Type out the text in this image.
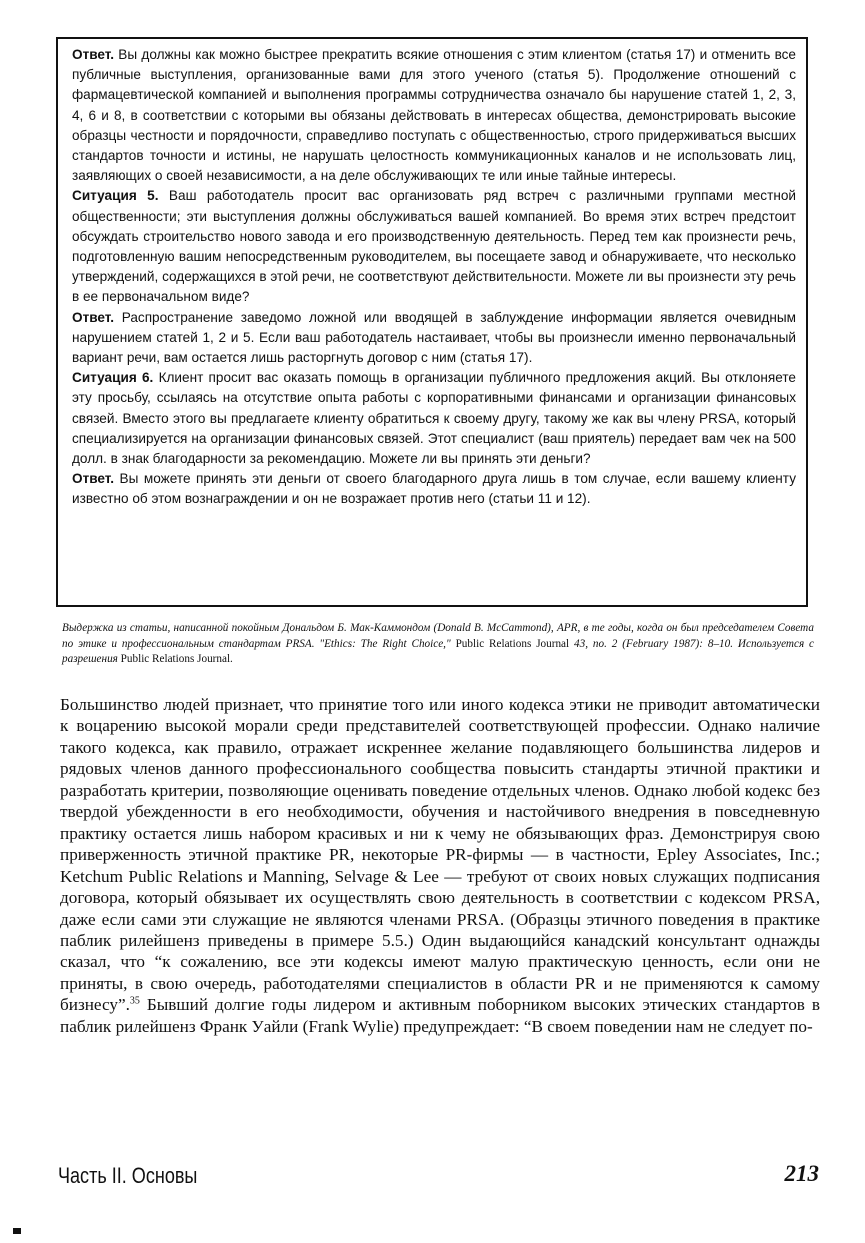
Ответ. Вы должны как можно быстрее прекратить всякие отношения с этим клиентом (статья 17) и отменить все публичные выступления, организованные вами для этого ученого (статья 5). Продолжение отношений с фармацевтической компанией и выполнения программы сотрудничества означало бы нарушение статей 1, 2, 3, 4, 6 и 8, в соответствии с которыми вы обязаны действовать в интересах общества, демонстрировать высокие образцы честности и порядочности, справедливо поступать с общественностью, строго придерживаться высших стандартов точности и истины, не нарушать целостность коммуникационных каналов и не использовать лиц, заявляющих о своей независимости, а на деле обслуживающих те или иные тайные интересы.

Ситуация 5. Ваш работодатель просит вас организовать ряд встреч с различными группами местной общественности; эти выступления должны обслуживаться вашей компанией. Во время этих встреч предстоит обсуждать строительство нового завода и его производственную деятельность. Перед тем как произнести речь, подготовленную вашим непосредственным руководителем, вы посещаете завод и обнаруживаете, что несколько утверждений, содержащихся в этой речи, не соответствуют действительности. Можете ли вы произнести эту речь в ее первоначальном виде?

Ответ. Распространение заведомо ложной или вводящей в заблуждение информации является очевидным нарушением статей 1, 2 и 5. Если ваш работодатель настаивает, чтобы вы произнесли именно первоначальный вариант речи, вам остается лишь расторгнуть договор с ним (статья 17).

Ситуация 6. Клиент просит вас оказать помощь в организации публичного предложения акций. Вы отклоняете эту просьбу, ссылаясь на отсутствие опыта работы с корпоративными финансами и организации финансовых связей. Вместо этого вы предлагаете клиенту обратиться к своему другу, такому же как вы члену PRSA, который специализируется на организации финансовых связей. Этот специалист (ваш приятель) передает вам чек на 500 долл. в знак благодарности за рекомендацию. Можете ли вы принять эти деньги?

Ответ. Вы можете принять эти деньги от своего благодарного друга лишь в том случае, если вашему клиенту известно об этом вознаграждении и он не возражает против него (статьи 11 и 12).

Выдержка из статьи, написанной покойным Дональдом Б. Мак-Каммондом (Donald B. McCammond), APR, в те годы, когда он был председателем Совета по этике и профессиональным стандартам PRSA. "Ethics: The Right Choice," Public Relations Journal 43, no. 2 (February 1987): 8–10. Используется с разрешения Public Relations Journal.

Большинство людей признает, что принятие того или иного кодекса этики не приводит автоматически к воцарению высокой морали среди представителей соответствующей профессии. Однако наличие такого кодекса, как правило, отражает искреннее желание подавляющего большинства лидеров и рядовых членов данного профессионального сообщества повысить стандарты этичной практики и разработать критерии, позволяющие оценивать поведение отдельных членов. Однако любой кодекс без твердой убежденности в его необходимости, обучения и настойчивого внедрения в повседневную практику остается лишь набором красивых и ни к чему не обязывающих фраз. Демонстрируя свою приверженность этичной практике PR, некоторые PR-фирмы — в частности, Epley Associates, Inc.; Ketchum Public Relations и Manning, Selvage & Lee — требуют от своих новых служащих подписания договора, который обязывает их осуществлять свою деятельность в соответствии с кодексом PRSA, даже если сами эти служащие не являются членами PRSA. (Образцы этичного поведения в практике паблик рилейшенз приведены в примере 5.5.) Один выдающийся канадский консультант однажды сказал, что “к сожалению, все эти кодексы имеют малую практическую ценность, если они не приняты, в свою очередь, работодателями специалистов в области PR и не применяются к самому бизнесу”.$^{35}$ Бывший долгие годы лидером и активным поборником высоких этических стандартов в паблик рилейшенз Франк Уайли (Frank Wylie) предупреждает: “В своем поведении нам не следует по-

Часть II. Основы	213
